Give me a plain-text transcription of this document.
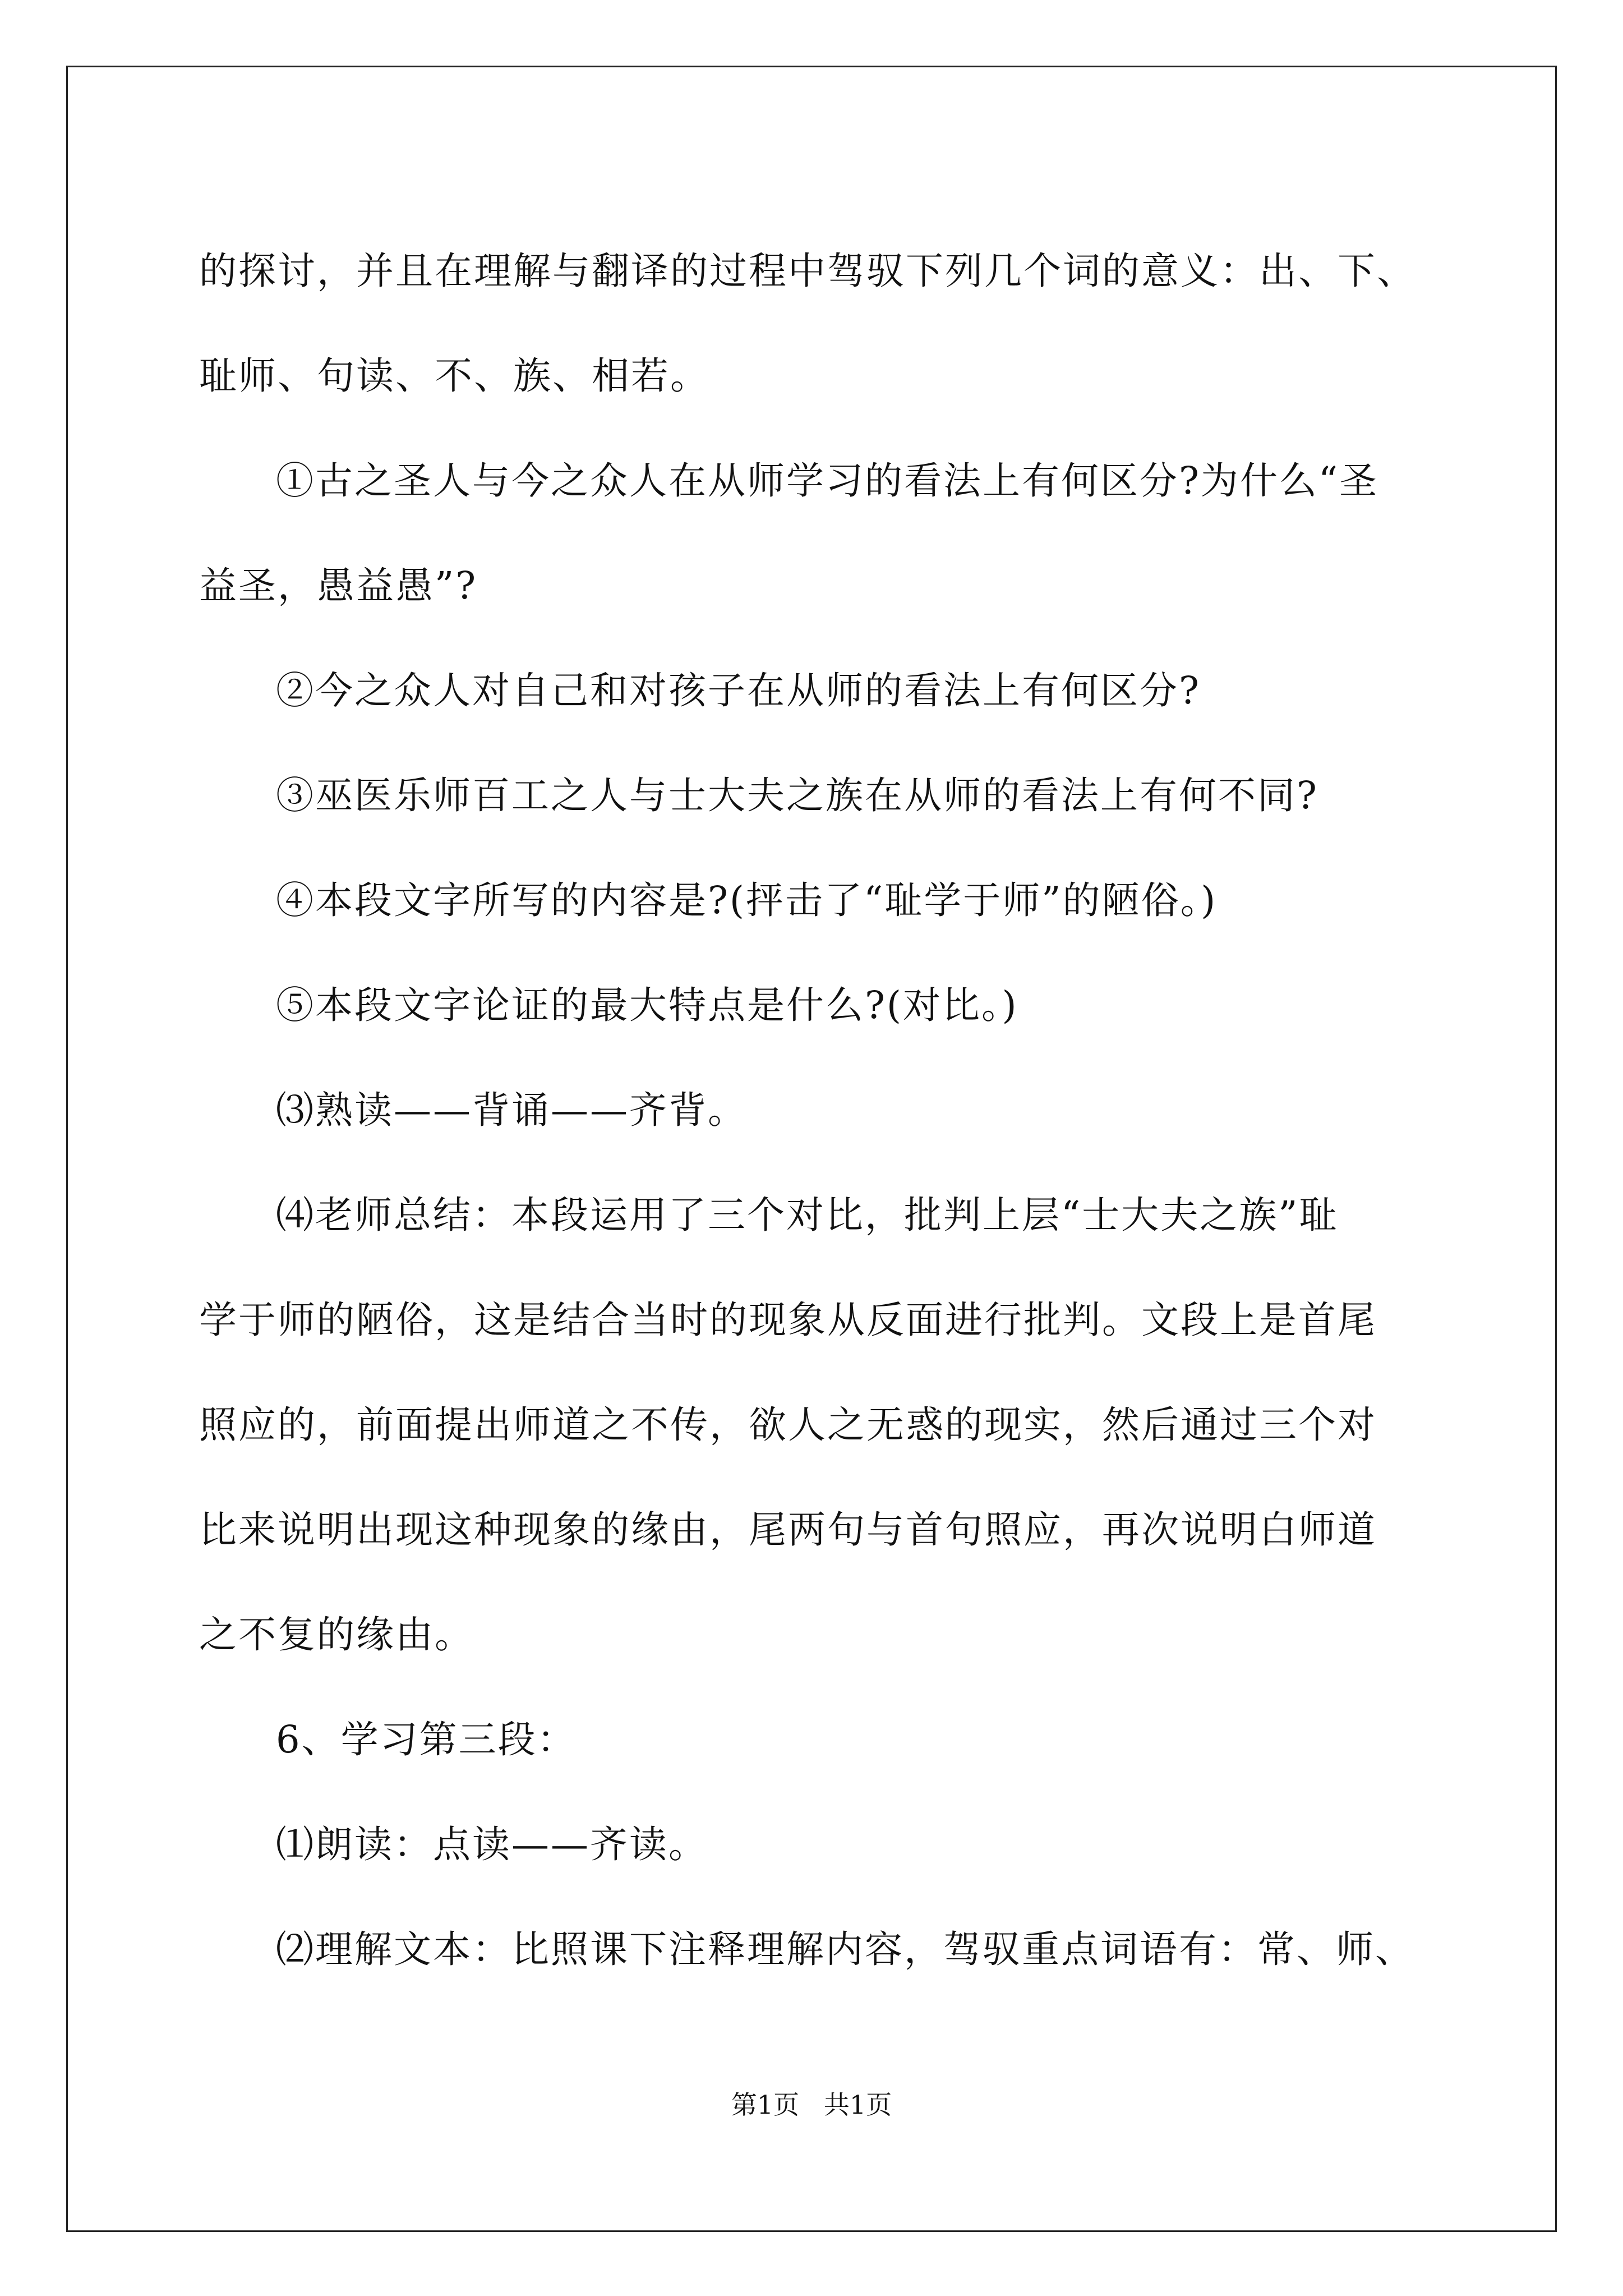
的探讨，并且在理解与翻译的过程中驾驭下列几个词的意义：出、下、

耻师、句读、不、族、相若。

①古之圣人与今之众人在从师学习的看法上有何区分?为什么“圣

益圣，愚益愚”?

②今之众人对自己和对孩子在从师的看法上有何区分?

③巫医乐师百工之人与士大夫之族在从师的看法上有何不同?

④本段文字所写的内容是?(抨击了“耻学于师”的陋俗。)

⑤本段文字论证的最大特点是什么?(对比。)

⑶熟读——背诵——齐背。

⑷老师总结：本段运用了三个对比，批判上层“士大夫之族”耻

学于师的陋俗，这是结合当时的现象从反面进行批判。文段上是首尾

照应的，前面提出师道之不传，欲人之无惑的现实，然后通过三个对

比来说明出现这种现象的缘由，尾两句与首句照应，再次说明白师道

之不复的缘由。

6、学习第三段：

⑴朗读：点读——齐读。

⑵理解文本：比照课下注释理解内容，驾驭重点词语有：常、师、

第1页   共1页
